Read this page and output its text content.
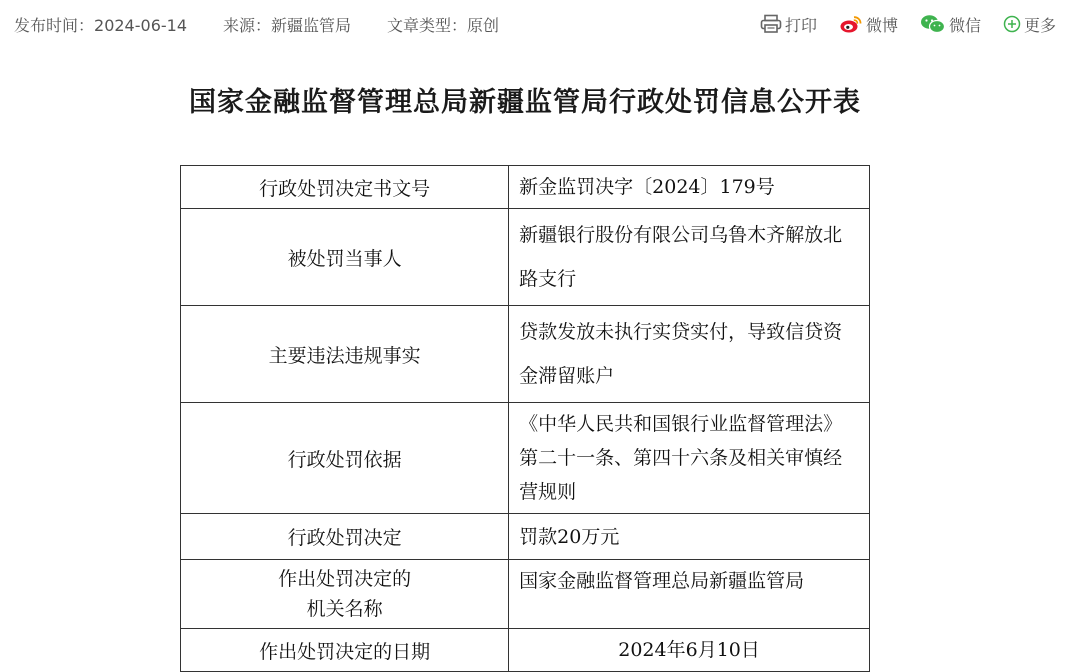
发布时间：2024-06-14 来源：新疆监管局 文章类型：原创	打印	微博	微信	更多
国家金融监督管理总局新疆监管局行政处罚信息公开表
行政处罚决定书文号	新金监罚决字〔2024〕179号
被处罚当事人	新疆银行股份有限公司乌鲁木齐解放北路支行
主要违法违规事实	贷款发放未执行实贷实付，导致信贷资金滞留账户
行政处罚依据	《中华人民共和国银行业监督管理法》第二十一条、第四十六条及相关审慎经营规则
行政处罚决定	罚款20万元

作出处罚决定的
机关名称	国家金融监督管理总局新疆监管局
作出处罚决定的日期	2024年6月10日
